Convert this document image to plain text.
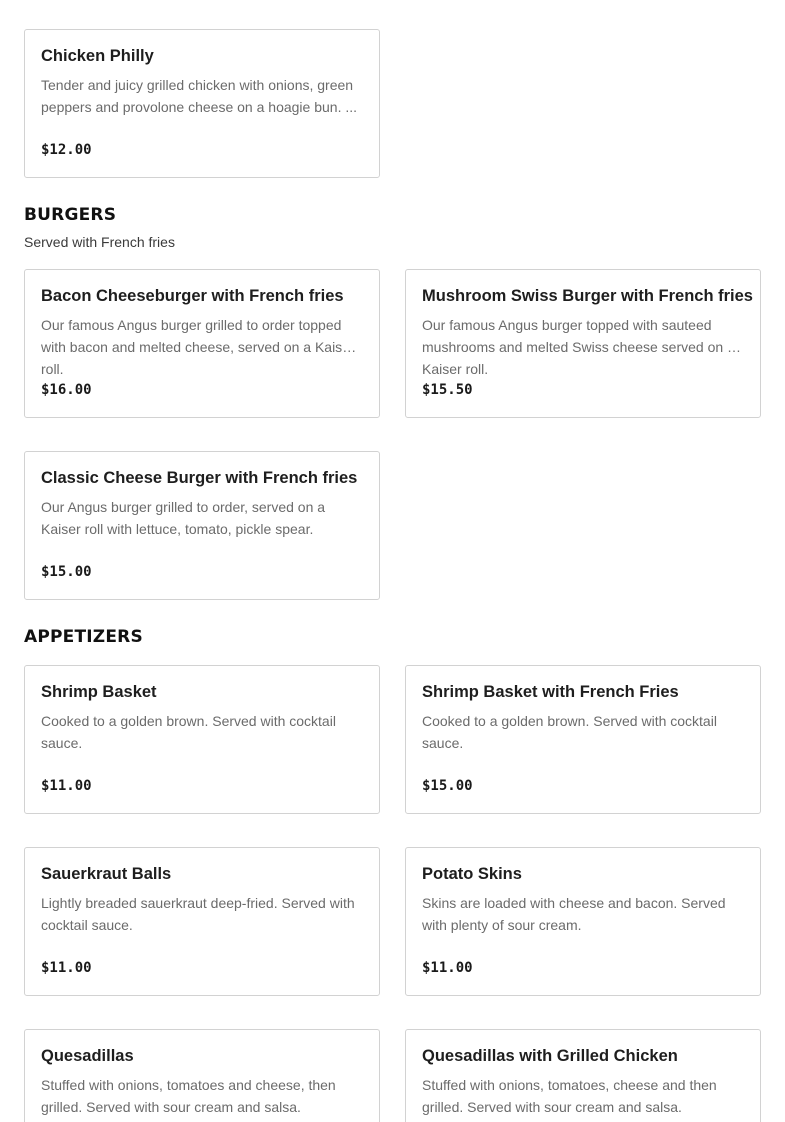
Chicken Philly
Tender and juicy grilled chicken with onions, green peppers and provolone cheese on a hoagie bun. ...
$12.00
BURGERS
Served with French fries
Bacon Cheeseburger with French fries
Our famous Angus burger grilled to order topped with bacon and melted cheese, served on a Kaiser roll.
$16.00
Mushroom Swiss Burger with French fries
Our famous Angus burger topped with sauteed mushrooms and melted Swiss cheese served on a Kaiser roll.
$15.50
Classic Cheese Burger with French fries
Our Angus burger grilled to order, served on a Kaiser roll with lettuce, tomato, pickle spear.
$15.00
APPETIZERS
Shrimp Basket
Cooked to a golden brown. Served with cocktail sauce.
$11.00
Shrimp Basket with French Fries
Cooked to a golden brown. Served with cocktail sauce.
$15.00
Sauerkraut Balls
Lightly breaded sauerkraut deep-fried. Served with cocktail sauce.
$11.00
Potato Skins
Skins are loaded with cheese and bacon. Served with plenty of sour cream.
$11.00
Quesadillas
Stuffed with onions, tomatoes and cheese, then grilled. Served with sour cream and salsa.
Quesadillas with Grilled Chicken
Stuffed with onions, tomatoes, cheese and then grilled. Served with sour cream and salsa.
